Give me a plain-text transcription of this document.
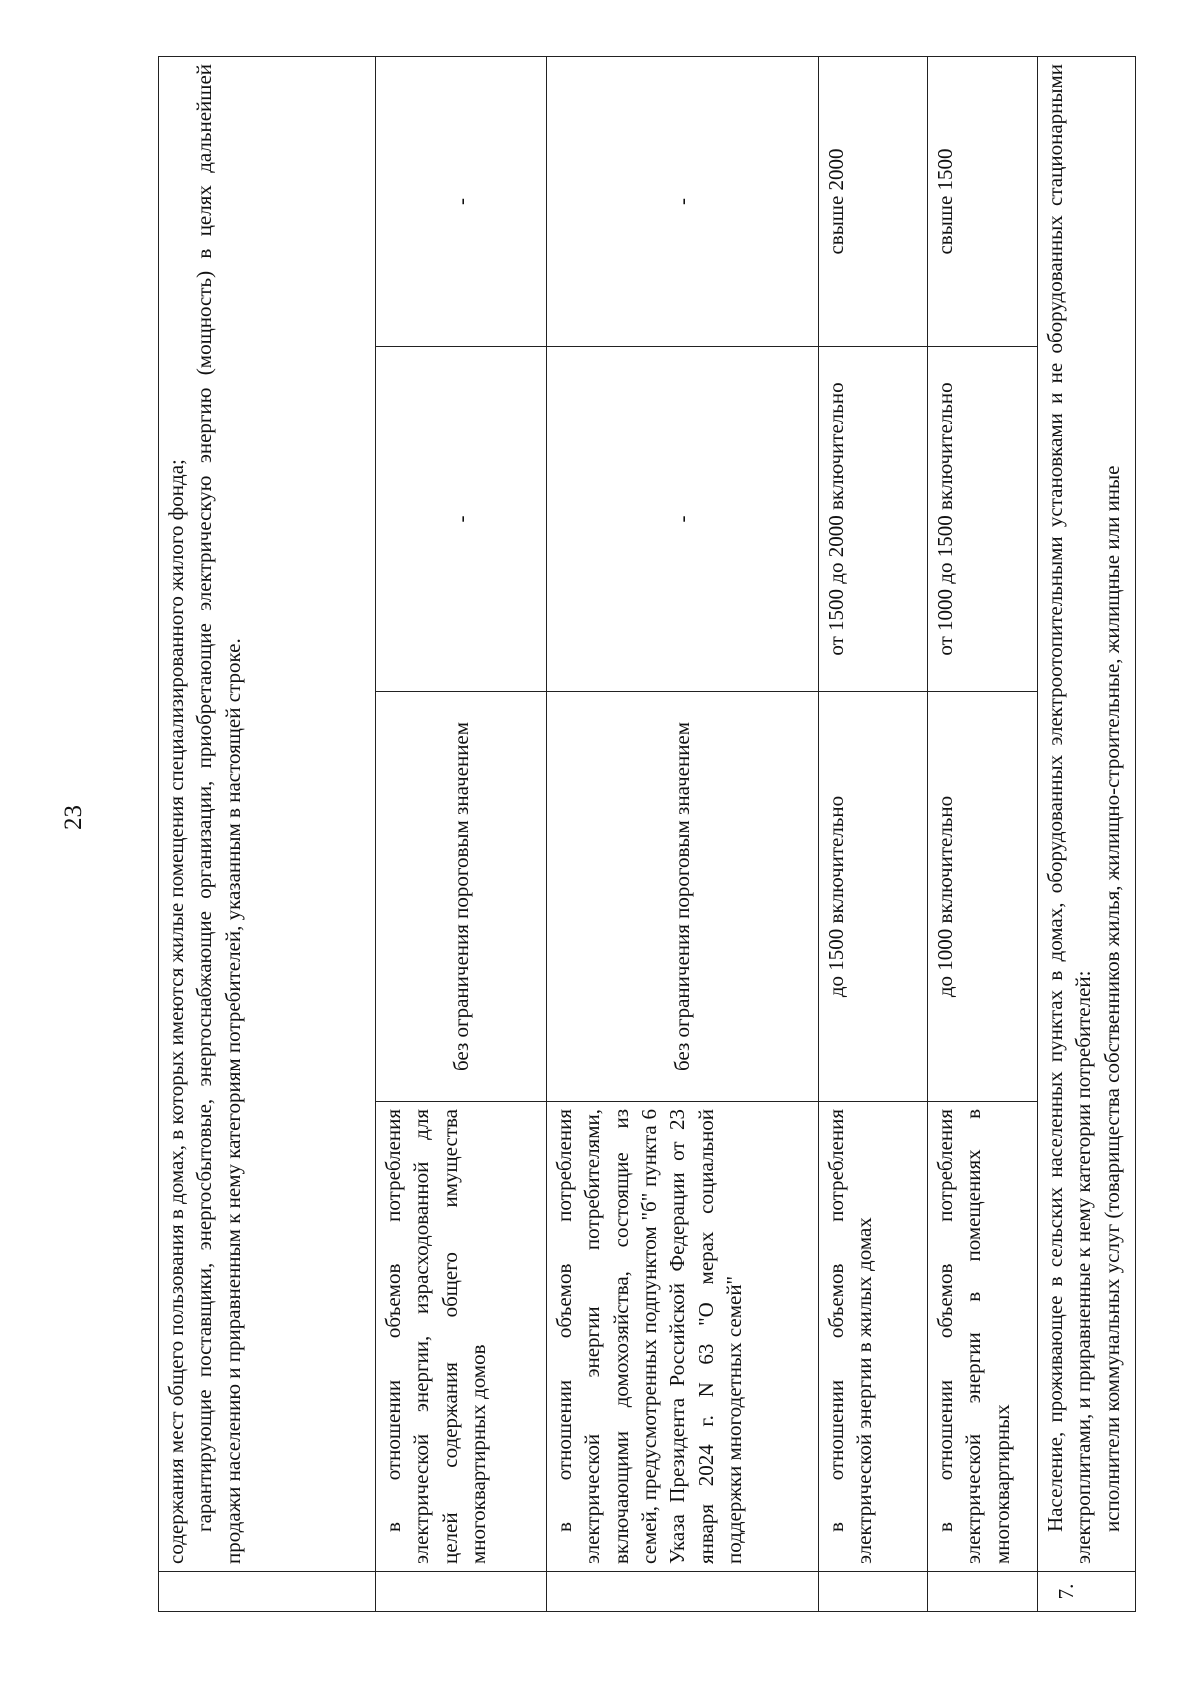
23

	содержания мест общего пользования в домах, в которых имеются жилые помещения специализированного жилого фонда; гарантирующие поставщики, энергосбытовые, энергоснабжающие организации, приобретающие электрическую энергию (мощность) в целях дальнейшей продажи населению и приравненным к нему категориям потребителей, указанным в настоящей строке.			

	в отношении объемов потребления электрической энергии, израсходованной для целей содержания общего имущества многоквартирных домов	без ограничения пороговым значением	-	-
	в отношении объемов потребления электрической энергии потребителями, включающими домохозяйства, состоящие из семей, предусмотренных подпунктом "б" пункта 6 Указа Президента Российской Федерации от 23 января 2024 г. N 63 "О мерах социальной поддержки многодетных семей"	без ограничения пороговым значением	-	-
	в отношении объемов потребления электрической энергии в жилых домах	до 1500 включительно	от 1500 до 2000 включительно	свыше 2000
	в отношении объемов потребления электрической энергии в помещениях в многоквартирных	до 1000 включительно	от 1000 до 1500 включительно	свыше 1500
7.	Население, проживающее в сельских населенных пунктах в домах, оборудованных электроотопительными установками и не оборудованных стационарными электроплитами, и приравненные к нему категории потребителей: исполнители коммунальных услуг (товарищества собственников жилья, жилищно-строительные, жилищные или иные			
